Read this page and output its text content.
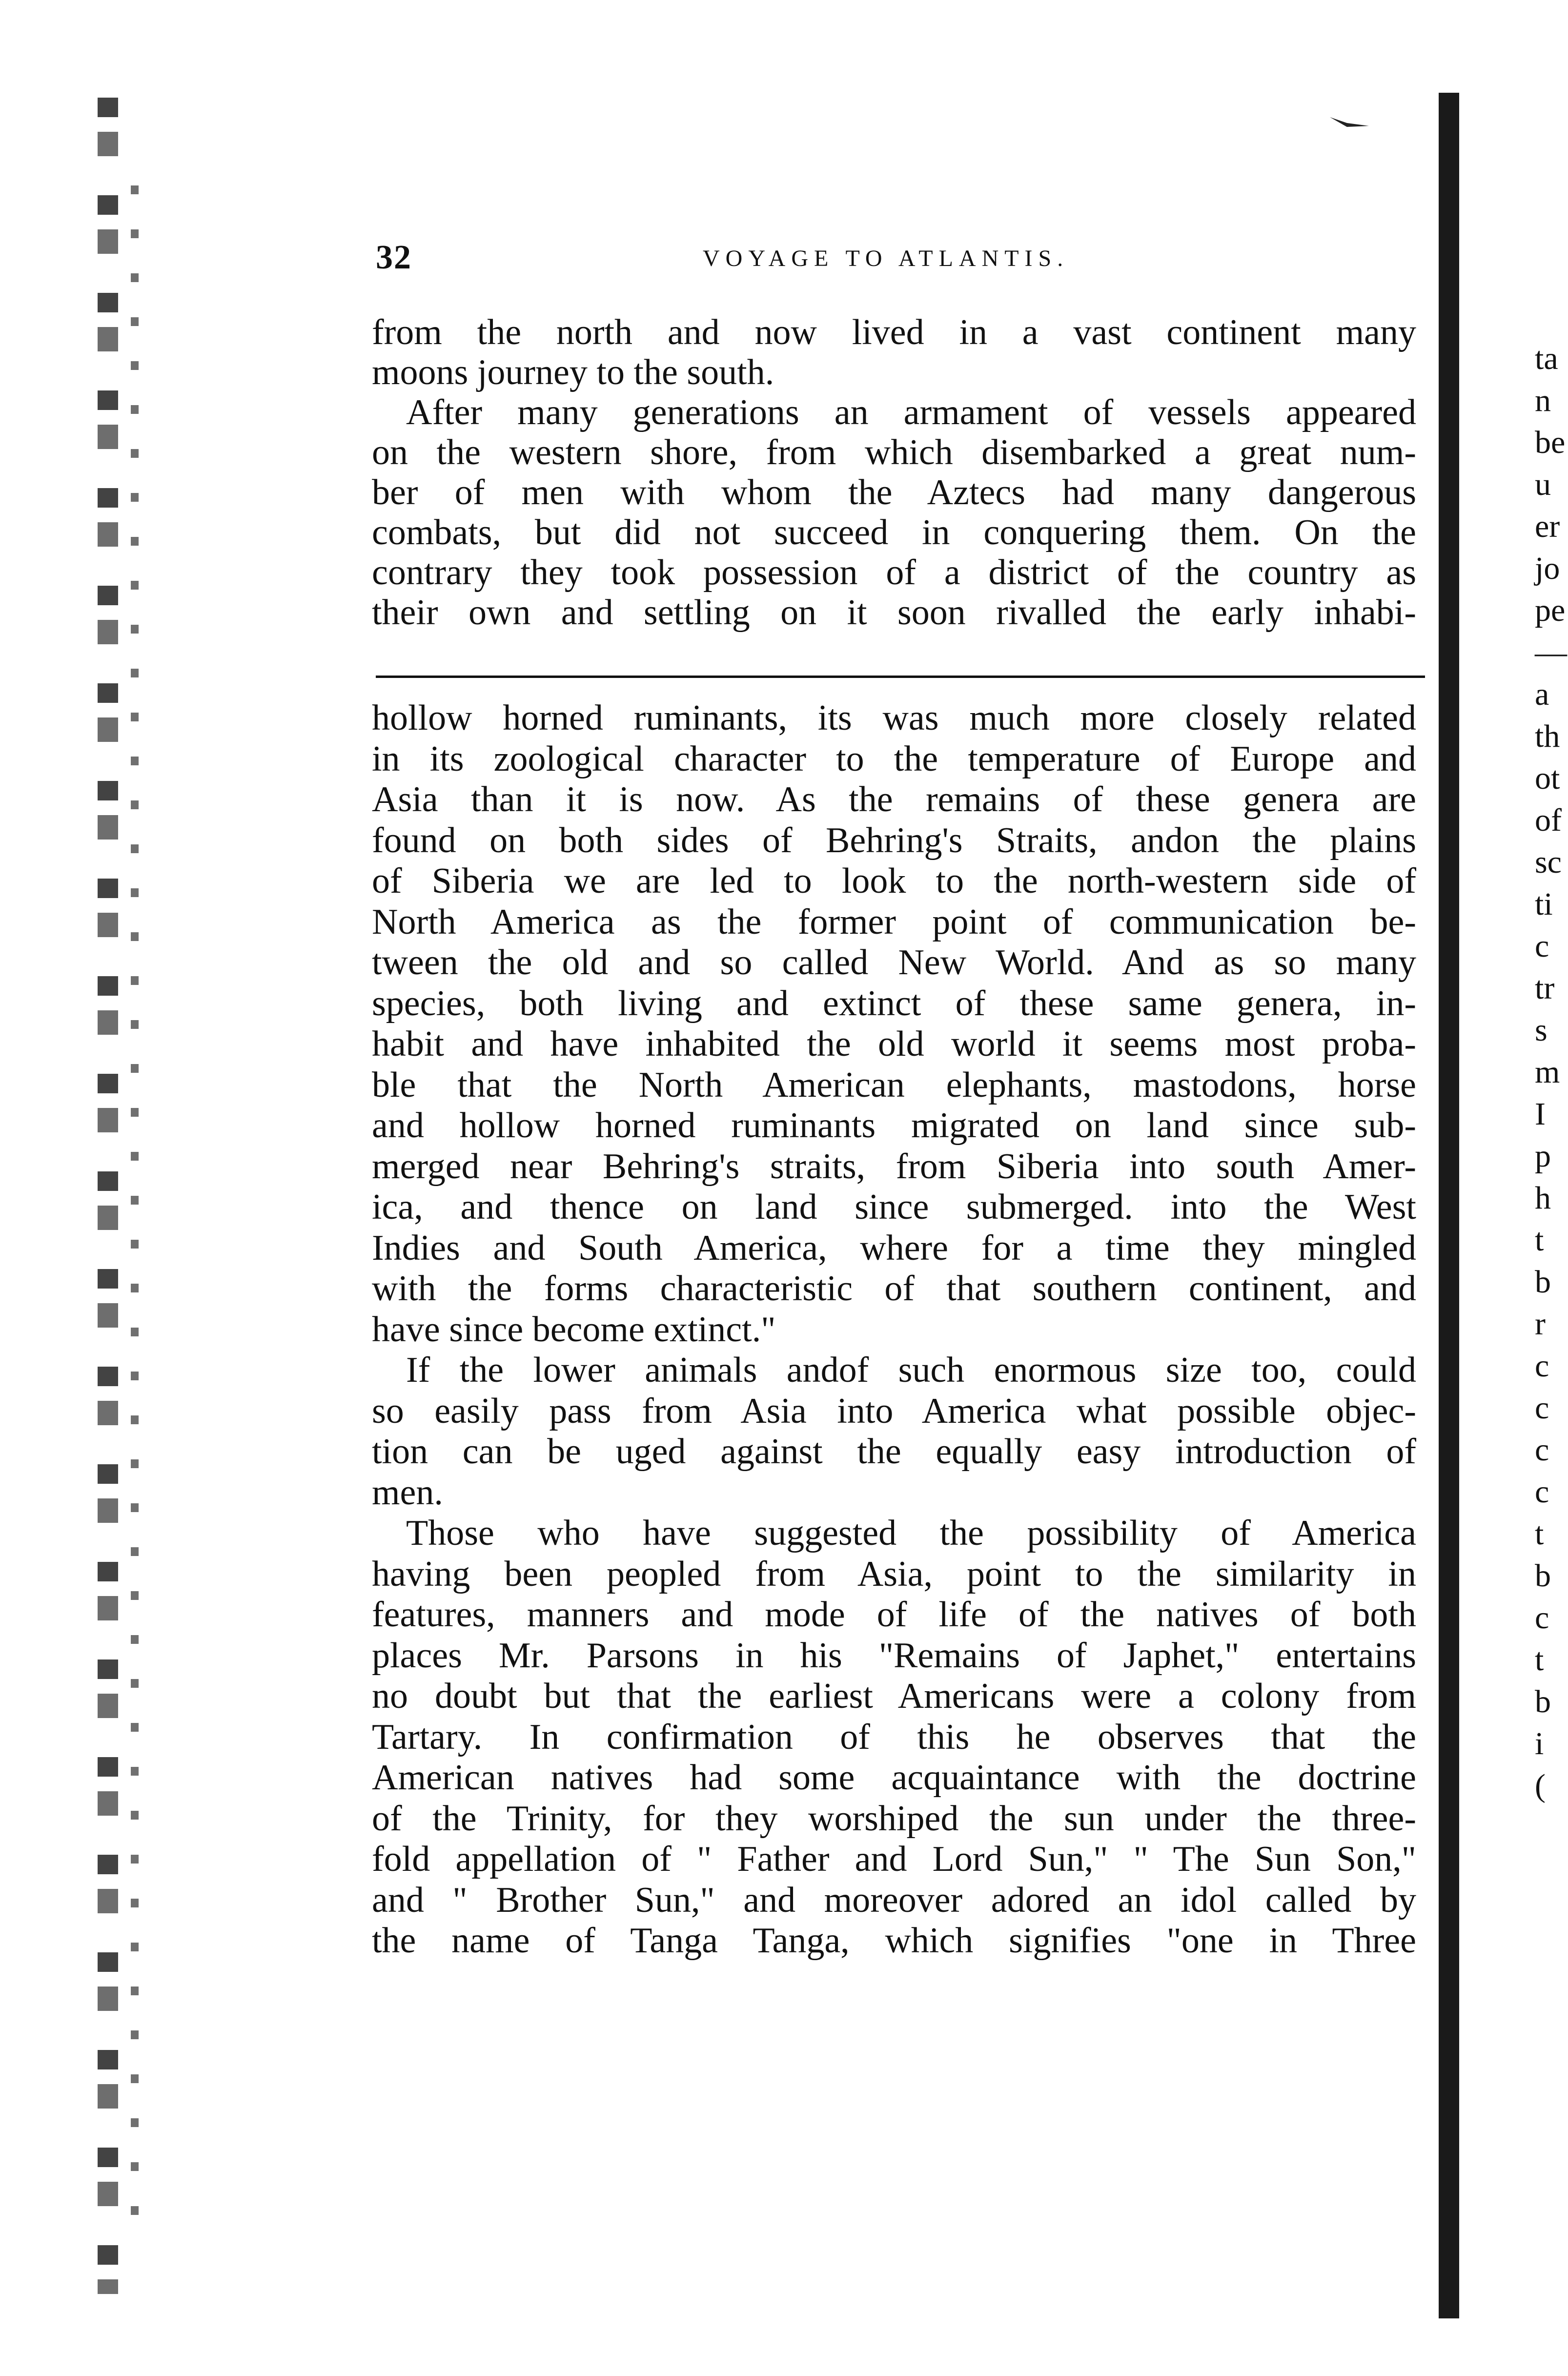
32	VOYAGE TO ATLANTIS.
from the north and now lived in a vast continent many
moons journey to the south.
After many generations an armament of vessels appeared
on the western shore, from which disembarked a great num-
ber of men with whom the Aztecs had many dangerous
combats, but did not succeed in conquering them. On the
contrary they took possession of a district of the country as
their own and settling on it soon rivalled the early inhabi-
hollow horned ruminants, its was much more closely related
in its zoological character to the temperature of Europe and
Asia than it is now. As the remains of these genera are
found on both sides of Behring's Straits, andon the plains
of Siberia we are led to look to the north-western side of
North America as the former point of communication be-
tween the old and so called New World. And as so many
species, both living and extinct of these same genera, in-
habit and have inhabited the old world it seems most proba-
ble that the North American elephants, mastodons, horse
and hollow horned ruminants migrated on land since sub-
merged near Behring's straits, from Siberia into south Amer-
ica, and thence on land since submerged. into the West
Indies and South America, where for a time they mingled
with the forms characteristic of that southern continent, and
have since become extinct."
If the lower animals andof such enormous size too, could
so easily pass from Asia into America what possible objec-
tion can be uged against the equally easy introduction of
men.
Those who have suggested the possibility of America
having been peopled from Asia, point to the similarity in
features, manners and mode of life of the natives of both
places Mr. Parsons in his "Remains of Japhet," entertains
no doubt but that the earliest Americans were a colony from
Tartary. In confirmation of this he observes that the
American natives had some acquaintance with the doctrine
of the Trinity, for they worshiped the sun under the three-
fold appellation of " Father and Lord Sun," " The Sun Son,"
and " Brother Sun," and moreover adored an idol called by
the name of Tanga Tanga, which signifies "one in Three
ta
n
be
u
er
jo
pe
—
a
th
ot
of
sc
ti
c
tr
s
m
I
p
h
t
b
r
c
c
c
c
t
b
c
t
b
i
(
